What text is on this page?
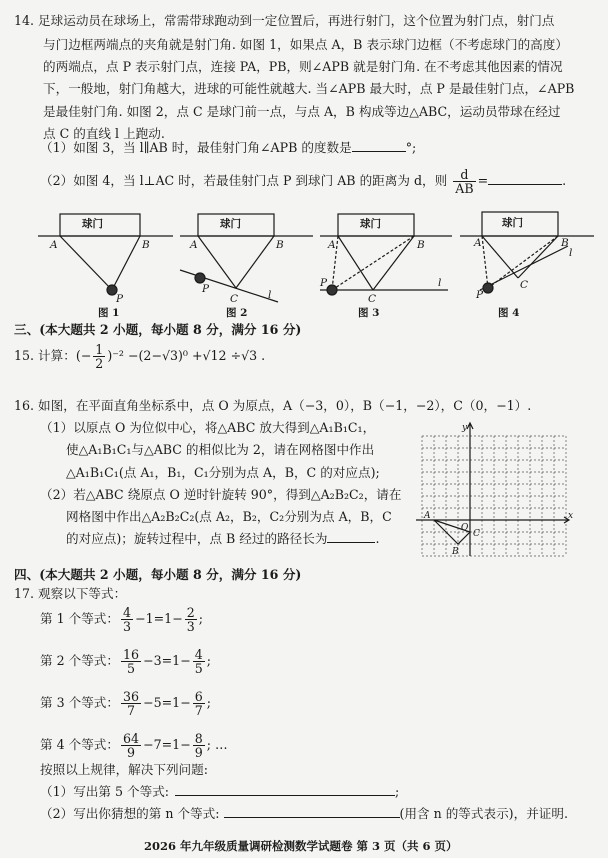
14. 足球运动员在球场上，常需带球跑动到一定位置后，再进行射门，这个位置为射门点，射门点
与门边框两端点的夹角就是射门角. 如图 1，如果点 A，B 表示球门边框（不考虑球门的高度）
的两端点，点 P 表示射门点，连接 PA，PB，则∠APB 就是射门角. 在不考虑其他因素的情况
下，一般地，射门角越大，进球的可能性就越大. 当∠APB 最大时，点 P 是最佳射门点，∠APB
是最佳射门角. 如图 2，点 C 是球门前一点，与点 A，B 构成等边△ABC，运动员带球在经过
点 C 的直线 l 上跑动.
（1）如图 3，当 l∥AB 时，最佳射门角∠APB 的度数是	°;
（2）如图 4，当 l⊥AC 时，若最佳射门点 P 到球门 AB 的距离为 d，则 $\frac{d}{AB}$ =	.
球门
A	B
P
球门
A	B
P
C	l
球门
A	B
P
C
l
球门
A	B
P
C
l
图 1	图 2	图 3	图 4
三、(本大题共 2 小题，每小题 8 分，满分 16 分)
15. 计算：(− $\frac{1}{2} )^{-2} -(2-√3)^0 +√12 \div√3$ .
16. 如图，在平面直角坐标系中，点 O 为原点，A（−3，0），B（−1，−2），C（0，−1）.
（1）以原点 O 为位似中心，将△ABC 放大得到△A₁B₁C₁，
使△A₁B₁C₁与△ABC 的相似比为 2，请在网格图中作出
△A₁B₁C₁(点 A₁，B₁，C₁分别为点 A，B，C 的对应点);
（2）若△ABC 绕原点 O 逆时针旋转 90°，得到△A₂B₂C₂，请在
网格图中作出△A₂B₂C₂(点 A₂，B₂，C₂分别为点 A，B，C
的对应点)；旋转过程中，点 B 经过的路径长为	.
x
y
A
O
C
B
四、(本大题共 2 小题，每小题 8 分，满分 16 分)
17. 观察以下等式：
第 1 个等式： $\frac{4}{3} -1=1- \frac{2}{3}$ ;
第 2 个等式： $\frac{16}{5} -3=1- \frac{4}{5}$ ;
第 3 个等式： $\frac{36}{7} -5=1- \frac{6}{7}$ ;
第 4 个等式： $\frac{64}{9} -7=1- \frac{8}{9}$ ; …
按照以上规律，解决下列问题:
（1）写出第 5 个等式:	;
（2）写出你猜想的第 n 个等式:	(用含 n 的等式表示)，并证明.
2026 年九年级质量调研检测数学试题卷 第 3 页（共 6 页）
